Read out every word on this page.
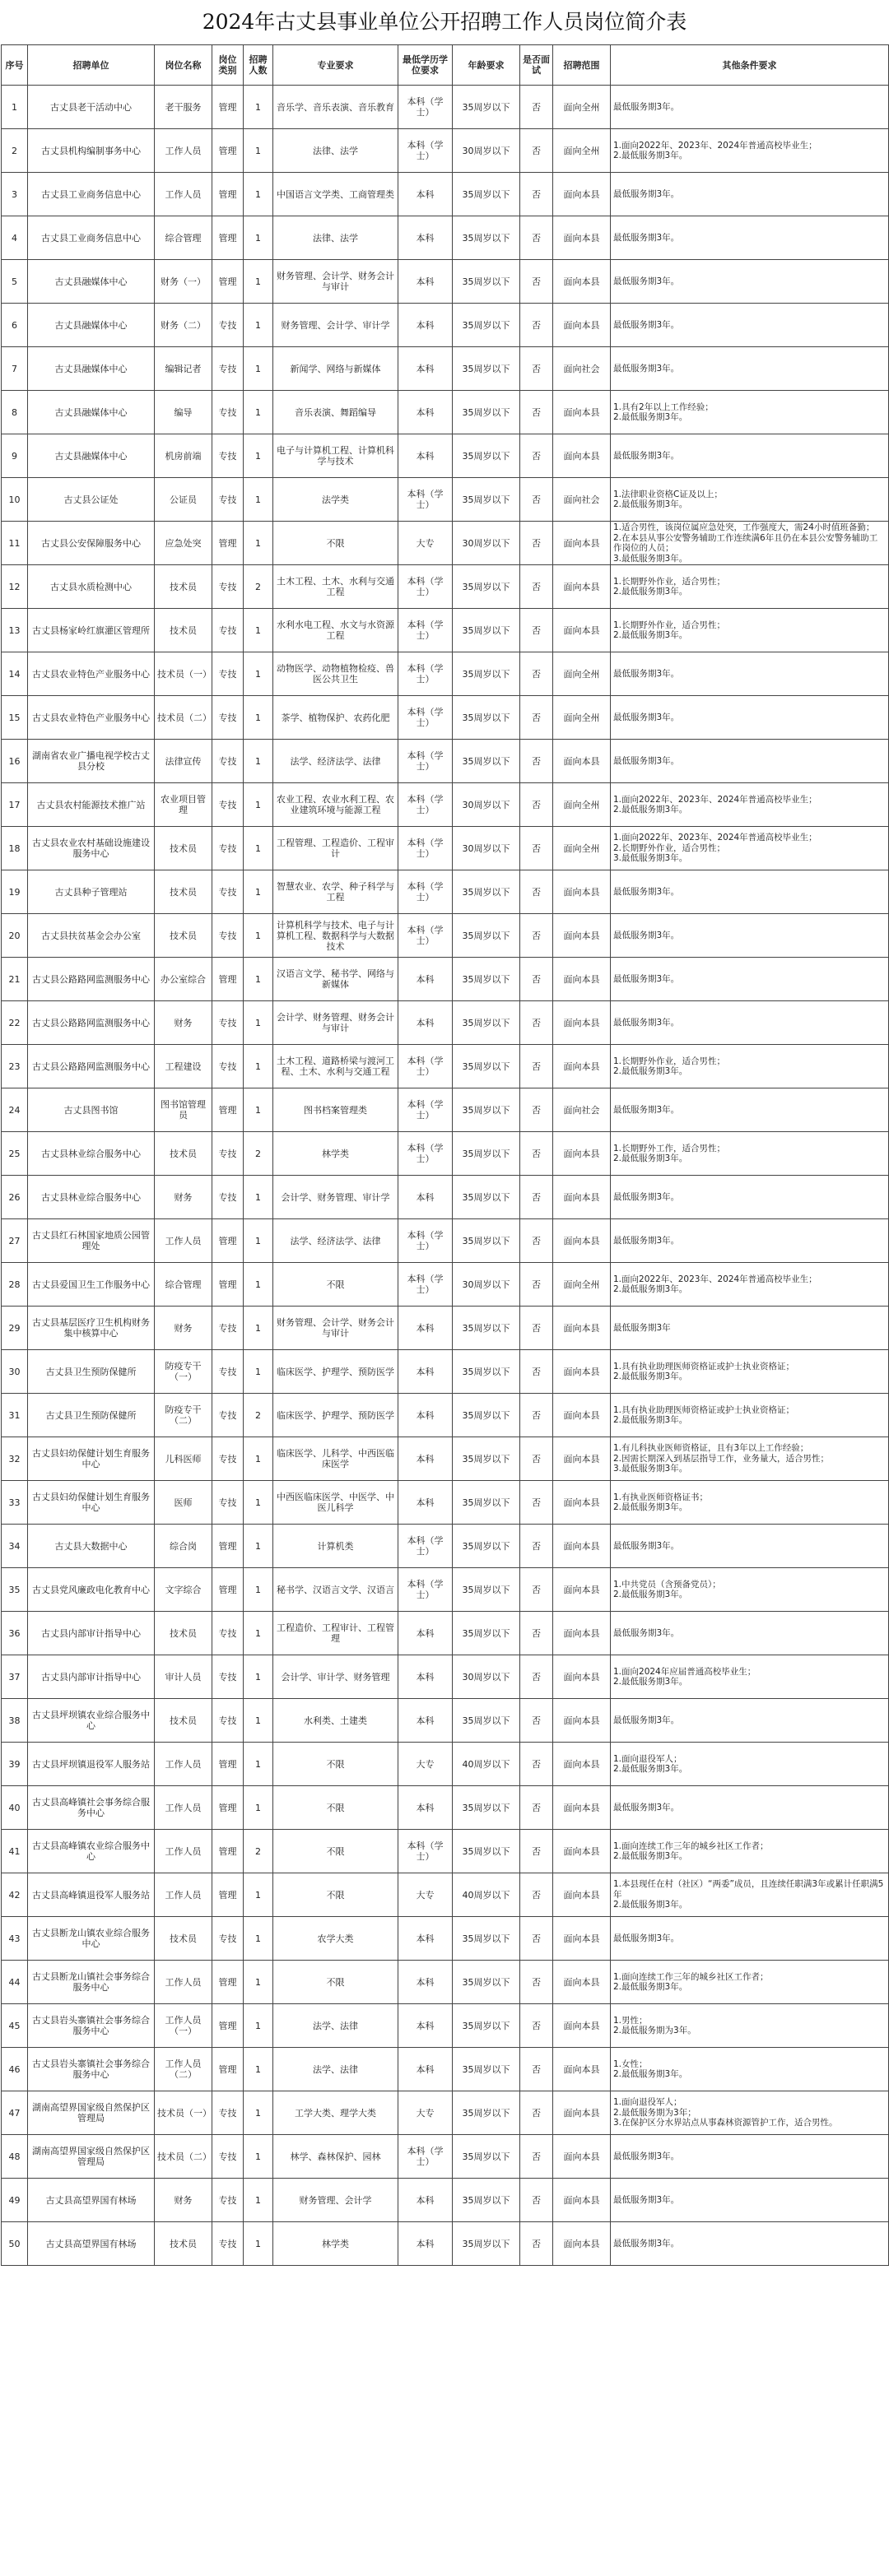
2024年古丈县事业单位公开招聘工作人员岗位简介表
序号	招聘单位	岗位名称	岗位类别	招聘人数	专业要求	最低学历学位要求	年龄要求	是否面试	招聘范围	其他条件要求
1	古丈县老干活动中心	老干服务	管理	1	音乐学、音乐表演、音乐教育	本科（学士）	35周岁以下	否	面向全州	最低服务期3年。
2	古丈县机构编制事务中心	工作人员	管理	1	法律、法学	本科（学士）	30周岁以下	否	面向全州	1.面向2022年、2023年、2024年普通高校毕业生；
2.最低服务期3年。
3	古丈县工业商务信息中心	工作人员	管理	1	中国语言文学类、工商管理类	本科	35周岁以下	否	面向本县	最低服务期3年。
4	古丈县工业商务信息中心	综合管理	管理	1	法律、法学	本科	35周岁以下	否	面向本县	最低服务期3年。
5	古丈县融媒体中心	财务（一）	管理	1	财务管理、会计学、财务会计与审计	本科	35周岁以下	否	面向本县	最低服务期3年。
6	古丈县融媒体中心	财务（二）	专技	1	财务管理、会计学、审计学	本科	35周岁以下	否	面向本县	最低服务期3年。
7	古丈县融媒体中心	编辑记者	专技	1	新闻学、网络与新媒体	本科	35周岁以下	否	面向社会	最低服务期3年。
8	古丈县融媒体中心	编导	专技	1	音乐表演、舞蹈编导	本科	35周岁以下	否	面向本县	1.具有2年以上工作经验；
2.最低服务期3年。
9	古丈县融媒体中心	机房前端	专技	1	电子与计算机工程、计算机科学与技术	本科	35周岁以下	否	面向本县	最低服务期3年。
10	古丈县公证处	公证员	专技	1	法学类	本科（学士）	35周岁以下	否	面向社会	1.法律职业资格C证及以上；
2.最低服务期3年。
11	古丈县公安保障服务中心	应急处突	管理	1	不限	大专	30周岁以下	否	面向本县	1.适合男性，该岗位属应急处突，工作强度大，需24小时值班备勤；
2.在本县从事公安警务辅助工作连续满6年且仍在本县公安警务辅助工作岗位的人员；
3.最低服务期3年。
12	古丈县水质检测中心	技术员	专技	2	土木工程、土木、水利与交通工程	本科（学士）	35周岁以下	否	面向本县	1.长期野外作业，适合男性；
2.最低服务期3年。
13	古丈县杨家岭红旗灌区管理所	技术员	专技	1	水利水电工程、水文与水资源工程	本科（学士）	35周岁以下	否	面向本县	1.长期野外作业，适合男性；
2.最低服务期3年。
14	古丈县农业特色产业服务中心	技术员（一）	专技	1	动物医学、动物植物检疫、兽医公共卫生	本科（学士）	35周岁以下	否	面向全州	最低服务期3年。
15	古丈县农业特色产业服务中心	技术员（二）	专技	1	茶学、植物保护、农药化肥	本科（学士）	35周岁以下	否	面向全州	最低服务期3年。
16	湖南省农业广播电视学校古丈县分校	法律宣传	专技	1	法学、经济法学、法律	本科（学士）	35周岁以下	否	面向本县	最低服务期3年。
17	古丈县农村能源技术推广站	农业项目管理	专技	1	农业工程、农业水利工程、农业建筑环境与能源工程	本科（学士）	30周岁以下	否	面向全州	1.面向2022年、2023年、2024年普通高校毕业生；
2.最低服务期3年。
18	古丈县农业农村基础设施建设服务中心	技术员	专技	1	工程管理、工程造价、工程审计	本科（学士）	30周岁以下	否	面向全州	1.面向2022年、2023年、2024年普通高校毕业生；
2.长期野外作业，适合男性；
3.最低服务期3年。
19	古丈县种子管理站	技术员	专技	1	智慧农业、农学、种子科学与工程	本科（学士）	35周岁以下	否	面向本县	最低服务期3年。
20	古丈县扶贫基金会办公室	技术员	专技	1	计算机科学与技术、电子与计算机工程、数据科学与大数据技术	本科（学士）	35周岁以下	否	面向本县	最低服务期3年。
21	古丈县公路路网监测服务中心	办公室综合	管理	1	汉语言文学、秘书学、网络与新媒体	本科	35周岁以下	否	面向本县	最低服务期3年。
22	古丈县公路路网监测服务中心	财务	专技	1	会计学、财务管理、财务会计与审计	本科	35周岁以下	否	面向本县	最低服务期3年。
23	古丈县公路路网监测服务中心	工程建设	专技	1	土木工程、道路桥梁与渡河工程、土木、水利与交通工程	本科（学士）	35周岁以下	否	面向本县	1.长期野外作业，适合男性；
2.最低服务期3年。
24	古丈县图书馆	图书馆管理员	管理	1	图书档案管理类	本科（学士）	35周岁以下	否	面向社会	最低服务期3年。
25	古丈县林业综合服务中心	技术员	专技	2	林学类	本科（学士）	35周岁以下	否	面向本县	1.长期野外工作，适合男性；
2.最低服务期3年。
26	古丈县林业综合服务中心	财务	专技	1	会计学、财务管理、审计学	本科	35周岁以下	否	面向本县	最低服务期3年。
27	古丈县红石林国家地质公园管理处	工作人员	管理	1	法学、经济法学、法律	本科（学士）	35周岁以下	否	面向本县	最低服务期3年。
28	古丈县爱国卫生工作服务中心	综合管理	管理	1	不限	本科（学士）	30周岁以下	否	面向全州	1.面向2022年、2023年、2024年普通高校毕业生；
2.最低服务期3年。
29	古丈县基层医疗卫生机构财务集中核算中心	财务	专技	1	财务管理、会计学、财务会计与审计	本科	35周岁以下	否	面向本县	最低服务期3年
30	古丈县卫生预防保健所	防疫专干（一）	专技	1	临床医学、护理学、预防医学	本科	35周岁以下	否	面向本县	1.具有执业助理医师资格证或护士执业资格证；
2.最低服务期3年。
31	古丈县卫生预防保健所	防疫专干（二）	专技	2	临床医学、护理学、预防医学	本科	35周岁以下	否	面向本县	1.具有执业助理医师资格证或护士执业资格证；
2.最低服务期3年。
32	古丈县妇幼保健计划生育服务中心	儿科医师	专技	1	临床医学、儿科学、中西医临床医学	本科	35周岁以下	否	面向本县	1.有儿科执业医师资格证，且有3年以上工作经验；
2.因需长期深入到基层指导工作，业务量大，适合男性；
3.最低服务期3年。
33	古丈县妇幼保健计划生育服务中心	医师	专技	1	中西医临床医学、中医学、中医儿科学	本科	35周岁以下	否	面向本县	1.有执业医师资格证书；
2.最低服务期3年。
34	古丈县大数据中心	综合岗	管理	1	计算机类	本科（学士）	35周岁以下	否	面向本县	最低服务期3年。
35	古丈县党风廉政电化教育中心	文字综合	管理	1	秘书学、汉语言文学、汉语言	本科（学士）	35周岁以下	否	面向本县	1.中共党员（含预备党员）；
2.最低服务期3年。
36	古丈县内部审计指导中心	技术员	专技	1	工程造价、工程审计、工程管理	本科	35周岁以下	否	面向本县	最低服务期3年。
37	古丈县内部审计指导中心	审计人员	专技	1	会计学、审计学、财务管理	本科	30周岁以下	否	面向本县	1.面向2024年应届普通高校毕业生；
2.最低服务期3年。
38	古丈县坪坝镇农业综合服务中心	技术员	专技	1	水利类、土建类	本科	35周岁以下	否	面向本县	最低服务期3年。
39	古丈县坪坝镇退役军人服务站	工作人员	管理	1	不限	大专	40周岁以下	否	面向本县	1.面向退役军人；
2.最低服务期3年。
40	古丈县高峰镇社会事务综合服务中心	工作人员	管理	1	不限	本科	35周岁以下	否	面向本县	最低服务期3年。
41	古丈县高峰镇农业综合服务中心	工作人员	管理	2	不限	本科（学士）	35周岁以下	否	面向本县	1.面向连续工作三年的城乡社区工作者；
2.最低服务期3年。
42	古丈县高峰镇退役军人服务站	工作人员	管理	1	不限	大专	40周岁以下	否	面向本县	1.本县现任在村（社区）“两委”成员，且连续任职满3年或累计任职满5年
2.最低服务期3年。
43	古丈县断龙山镇农业综合服务中心	技术员	专技	1	农学大类	本科	35周岁以下	否	面向本县	最低服务期3年。
44	古丈县断龙山镇社会事务综合服务中心	工作人员	管理	1	不限	本科	35周岁以下	否	面向本县	1.面向连续工作三年的城乡社区工作者；
2.最低服务期3年。
45	古丈县岩头寨镇社会事务综合服务中心	工作人员（一）	管理	1	法学、法律	本科	35周岁以下	否	面向本县	1.男性；
2.最低服务期为3年。
46	古丈县岩头寨镇社会事务综合服务中心	工作人员（二）	管理	1	法学、法律	本科	35周岁以下	否	面向本县	1.女性；
2.最低服务期3年。
47	湖南高望界国家级自然保护区管理局	技术员（一）	专技	1	工学大类、理学大类	大专	35周岁以下	否	面向本县	1.面向退役军人；
2.最低服务期为3年；
3.在保护区分水界站点从事森林资源管护工作，适合男性。
48	湖南高望界国家级自然保护区管理局	技术员（二）	专技	1	林学、森林保护、园林	本科（学士）	35周岁以下	否	面向本县	最低服务期3年。
49	古丈县高望界国有林场	财务	专技	1	财务管理、会计学	本科	35周岁以下	否	面向本县	最低服务期3年。
50	古丈县高望界国有林场	技术员	专技	1	林学类	本科	35周岁以下	否	面向本县	最低服务期3年。
